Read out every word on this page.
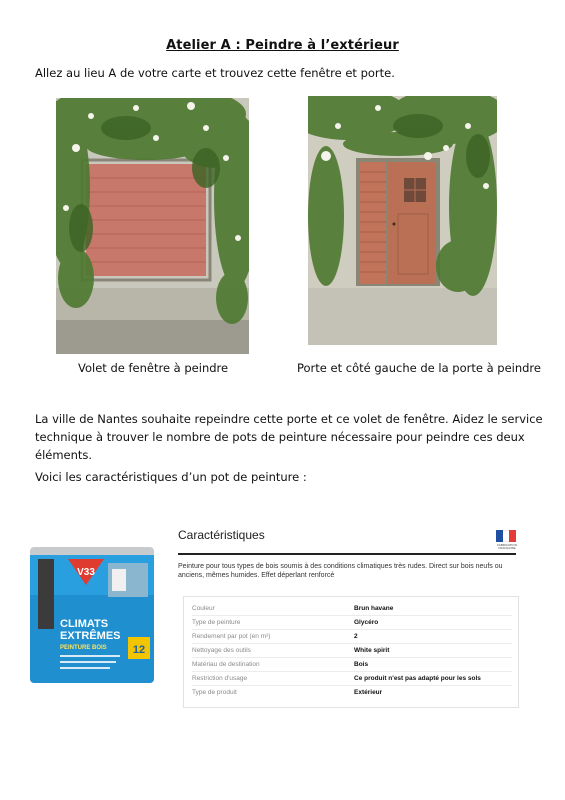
Atelier A : Peindre à l’extérieur
Allez au lieu A de votre carte et trouvez cette fenêtre et porte.
Volet de fenêtre à peindre	Porte et côté gauche de la porte à peindre
La ville de Nantes souhaite repeindre cette porte et ce volet de fenêtre. Aidez le service technique à trouver le nombre de pots de peinture nécessaire pour peindre ces deux éléments.
Voici les caractéristiques d’un pot de peinture :
V33
CLIMATS
EXTRÊMES
PEINTURE BOIS 12
Caractéristiques
FABRICATION FRANÇAISE
Peinture pour tous types de bois soumis à des conditions climatiques très rudes. Direct sur bois neufs ou anciens, mêmes humides. Effet déperlant renforcé
Couleur	Brun havane
Type de peinture	Glycéro
Rendement par pot (en m²)	2
Nettoyage des outils	White spirit
Matériau de destination	Bois
Restriction d'usage	Ce produit n'est pas adapté pour les sols
Type de produit	Extérieur
